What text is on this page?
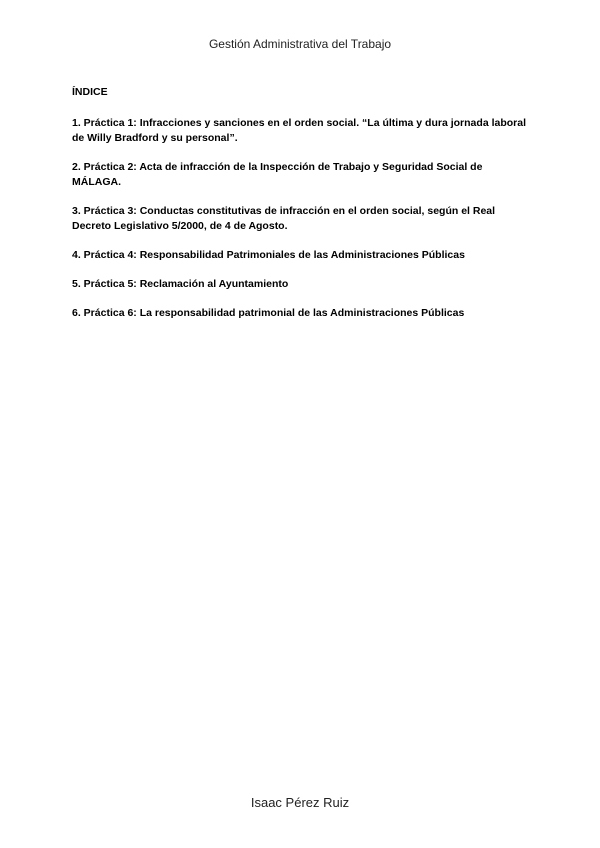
Gestión Administrativa del Trabajo
ÍNDICE
1. Práctica 1: Infracciones y sanciones en el orden social. “La última y dura jornada laboral de Willy Bradford y su personal”.
2. Práctica 2: Acta de infracción de la Inspección de Trabajo y Seguridad Social de MÁLAGA.
3. Práctica 3: Conductas constitutivas de infracción en el orden social, según el Real Decreto Legislativo 5/2000, de 4 de Agosto.
4. Práctica 4: Responsabilidad Patrimoniales de las Administraciones Públicas
5. Práctica 5: Reclamación al Ayuntamiento
6. Práctica 6: La responsabilidad patrimonial de las Administraciones Públicas
Isaac Pérez Ruiz
